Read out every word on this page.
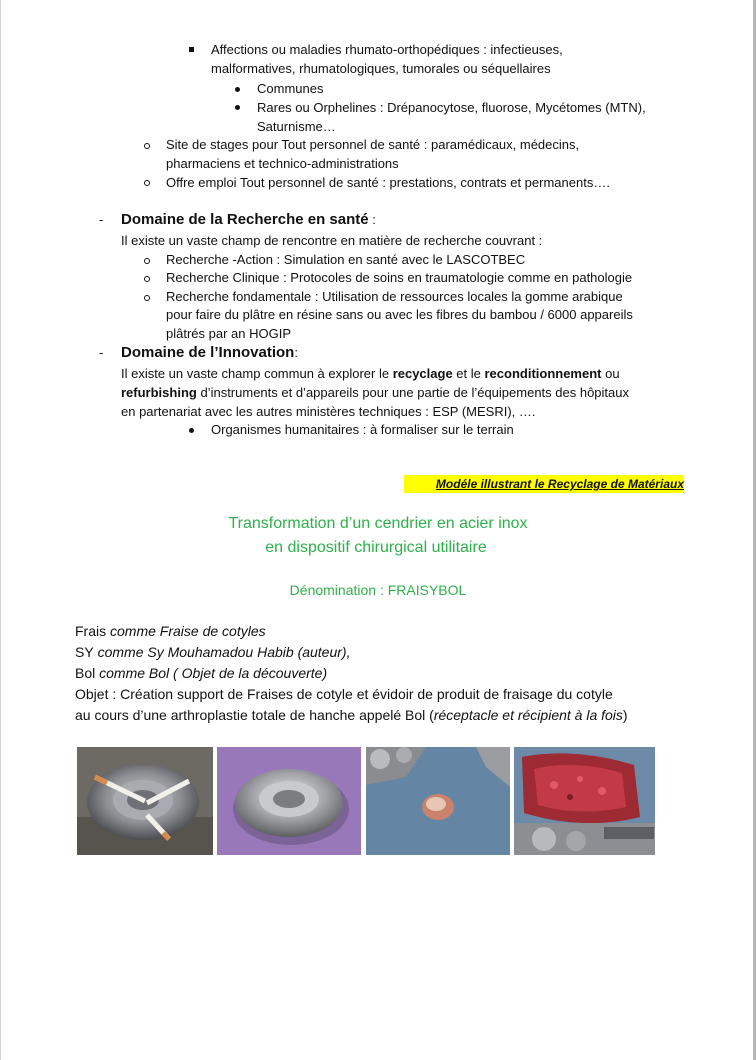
Affections ou maladies rhumato-orthopédiques : infectieuses,
malformatives, rhumatologiques, tumorales ou séquellaires
Communes
Rares ou Orphelines : Drépanocytose, fluorose, Mycétomes (MTN),
Saturnisme…
Site de stages pour Tout personnel de santé : paramédicaux, médecins,
pharmaciens et technico-administrations
Offre emploi Tout personnel de santé : prestations, contrats et permanents….
- Domaine de la Recherche en santé :
Il existe un vaste champ de rencontre en matière de recherche couvrant :
Recherche -Action : Simulation en santé avec le LASCOTBEC
Recherche Clinique : Protocoles de soins en traumatologie comme en pathologie
Recherche fondamentale : Utilisation de ressources locales la gomme arabique
pour faire du plâtre en résine sans ou avec les fibres du bambou / 6000 appareils
plâtrés par an HOGIP
- Domaine de l’Innovation:
Il existe un vaste champ commun à explorer le recyclage et le reconditionnement ou
refurbishing d’instruments et d’appareils pour une partie de l’équipements des hôpitaux
en partenariat avec les autres ministères techniques : ESP (MESRI), ….
Organismes humanitaires : à formaliser sur le terrain
Modéle illustrant le Recyclage de Matériaux
Transformation d’un cendrier en acier inox
en dispositif chirurgical utilitaire
Dénomination : FRAISYBOL
Frais comme Fraise de cotyles
SY comme Sy Mouhamadou Habib (auteur),
Bol comme Bol ( Objet de la découverte)
Objet : Création support de Fraises de cotyle et évidoir de produit de fraisage du cotyle
au cours d’une arthroplastie totale de hanche appelé Bol (réceptacle et récipient à la fois)
